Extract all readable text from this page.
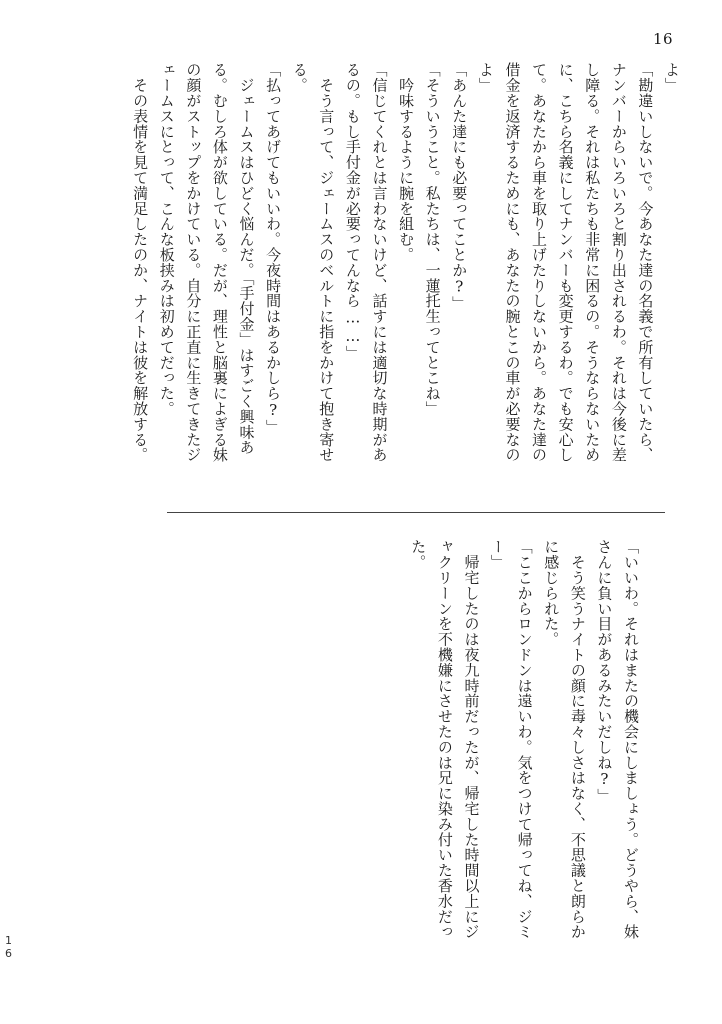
16
よ」
「勘違いしないで。今あなた達の名義で所有していたら、
ナンバーからいろいろと割り出されるわ。それは今後に差
し障る。それは私たちも非常に困るの。そうならないため
に、こちら名義にしてナンバーも変更するわ。でも安心し
て。あなたから車を取り上げたりしないから。あなた達の
借金を返済するためにも、あなたの腕とこの車が必要なの
よ」
「あんた達にも必要ってことか?」
「そういうこと。私たちは、一蓮托生ってとこね」
　吟味するように腕を組む。
「信じてくれとは言わないけど、話すには適切な時期があ
るの。もし手付金が必要ってんなら……」
　そう言って、ジェームスのベルトに指をかけて抱き寄せ
る。
「払ってあげてもいいわ。今夜時間はあるかしら?」
　ジェームスはひどく悩んだ。「手付金」はすごく興味あ
る。むしろ体が欲している。だが、理性と脳裏によぎる妹
の顔がストップをかけている。自分に正直に生きてきたジ
ェームスにとって、こんな板挟みは初めてだった。
　その表情を見て満足したのか、ナイトは彼を解放する。
「いいわ。それはまたの機会にしましょう。どうやら、妹
さんに負い目があるみたいだしね?」
　そう笑うナイトの顔に毒々しさはなく、不思議と朗らか
に感じられた。
「ここからロンドンは遠いわ。気をつけて帰ってね、ジミ
ー」
　帰宅したのは夜九時前だったが、帰宅した時間以上にジ
ャクリーンを不機嫌にさせたのは兄に染み付いた香水だっ
た。
16
